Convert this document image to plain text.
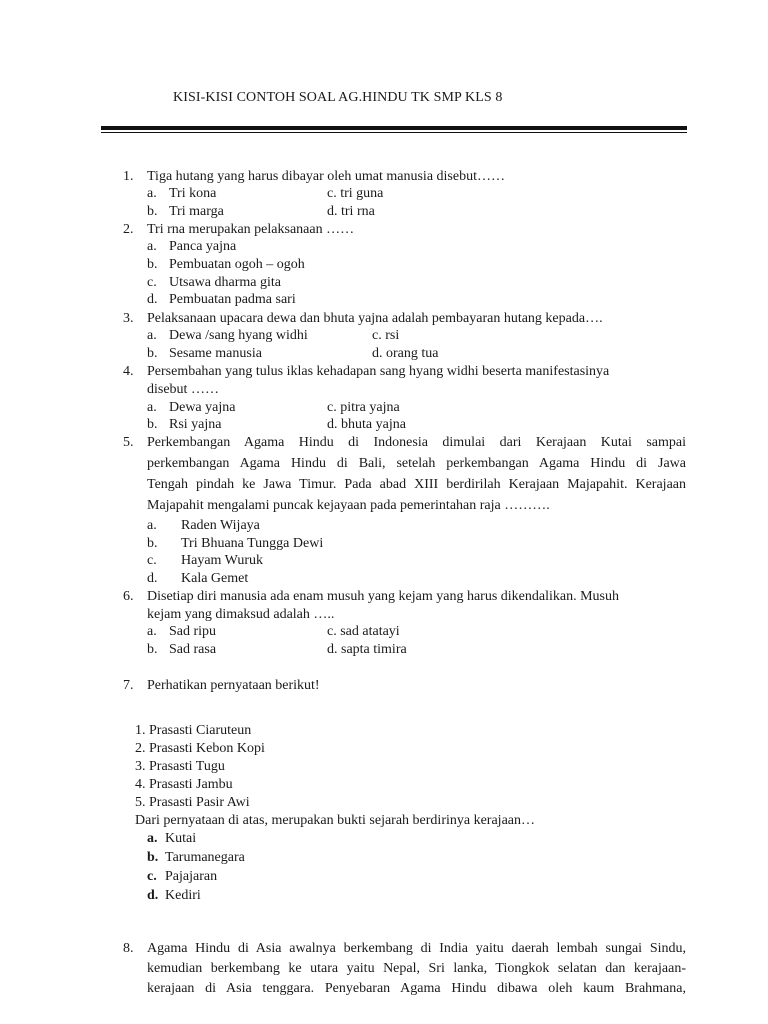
KISI-KISI CONTOH SOAL AG.HINDU TK SMP KLS 8
1. Tiga hutang yang harus dibayar oleh umat manusia disebut……
a. Tri kona	c. tri guna
b. Tri marga	d. tri rna
2. Tri rna merupakan pelaksanaan ……
a. Panca yajna
b. Pembuatan ogoh – ogoh
c. Utsawa dharma gita
d. Pembuatan padma sari
3. Pelaksanaan upacara dewa dan bhuta yajna adalah pembayaran hutang kepada….
a. Dewa /sang hyang widhi	c. rsi
b. Sesame manusia	d. orang tua
4. Persembahan yang tulus iklas kehadapan sang hyang widhi beserta manifestasinya
disebut ……
a. Dewa yajna	c. pitra yajna
b. Rsi yajna	d. bhuta yajna
5. Perkembangan Agama Hindu di Indonesia dimulai dari Kerajaan Kutai sampai
perkembangan Agama Hindu di Bali, setelah perkembangan Agama Hindu di Jawa
Tengah pindah ke Jawa Timur. Pada abad XIII berdirilah Kerajaan Majapahit. Kerajaan
Majapahit mengalami puncak kejayaan pada pemerintahan raja ……….
a. Raden Wijaya
b. Tri Bhuana Tungga Dewi
c. Hayam Wuruk
d. Kala Gemet
6. Disetiap diri manusia ada enam musuh yang kejam yang harus dikendalikan. Musuh
kejam yang dimaksud adalah …..
a. Sad ripu	c. sad atatayi
b. Sad rasa	d. sapta timira
7. Perhatikan pernyataan berikut!
1. Prasasti Ciaruteun
2. Prasasti Kebon Kopi
3. Prasasti Tugu
4. Prasasti Jambu
5. Prasasti Pasir Awi
Dari pernyataan di atas, merupakan bukti sejarah berdirinya kerajaan…
a. Kutai
b. Tarumanegara
c. Pajajaran
d. Kediri
8. Agama Hindu di Asia awalnya berkembang di India yaitu daerah lembah sungai Sindu,
kemudian berkembang ke utara yaitu Nepal, Sri lanka, Tiongkok selatan dan kerajaan-
kerajaan di Asia tenggara. Penyebaran Agama Hindu dibawa oleh kaum Brahmana,
